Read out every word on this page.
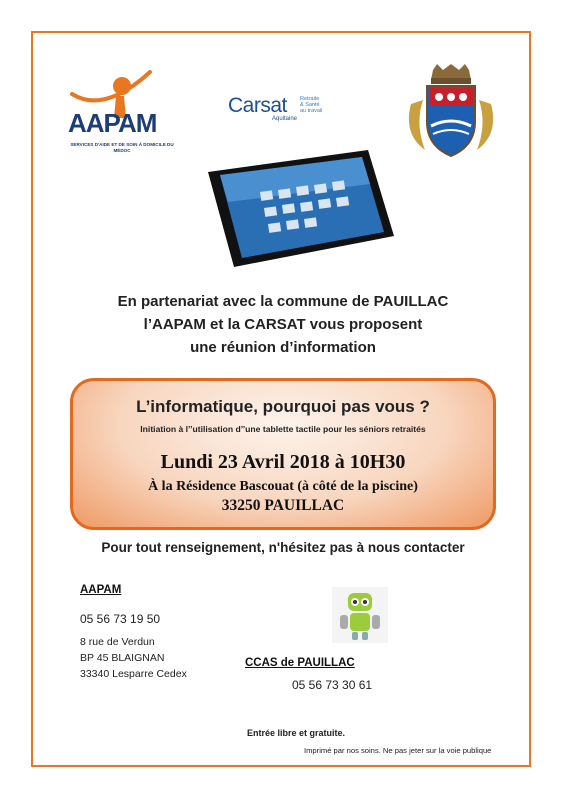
AAPAM
SERVICES D'AIDE ET DE SOIN À DOMICILE DU MÉDOC
Carsat Retraite
& Santé
au travail
Aquitaine
En partenariat avec la commune de PAUILLAC
l’AAPAM et la CARSAT vous proposent
une réunion d’information
L’informatique, pourquoi pas vous ?
Initiation à l’’utilisation d’’une tablette tactile pour les séniors retraités
Lundi 23 Avril 2018 à 10H30
À la Résidence Bascouat (à côté de la piscine)
33250 PAUILLAC
Pour tout renseignement, n'hésitez pas à nous contacter
AAPAM
05 56 73 19 50
8 rue de Verdun
BP 45 BLAIGNAN
33340 Lesparre Cedex
CCAS de PAUILLAC
05 56 73 30 61
Entrée libre et gratuite.
Imprimé par nos soins. Ne pas jeter sur la voie publique
